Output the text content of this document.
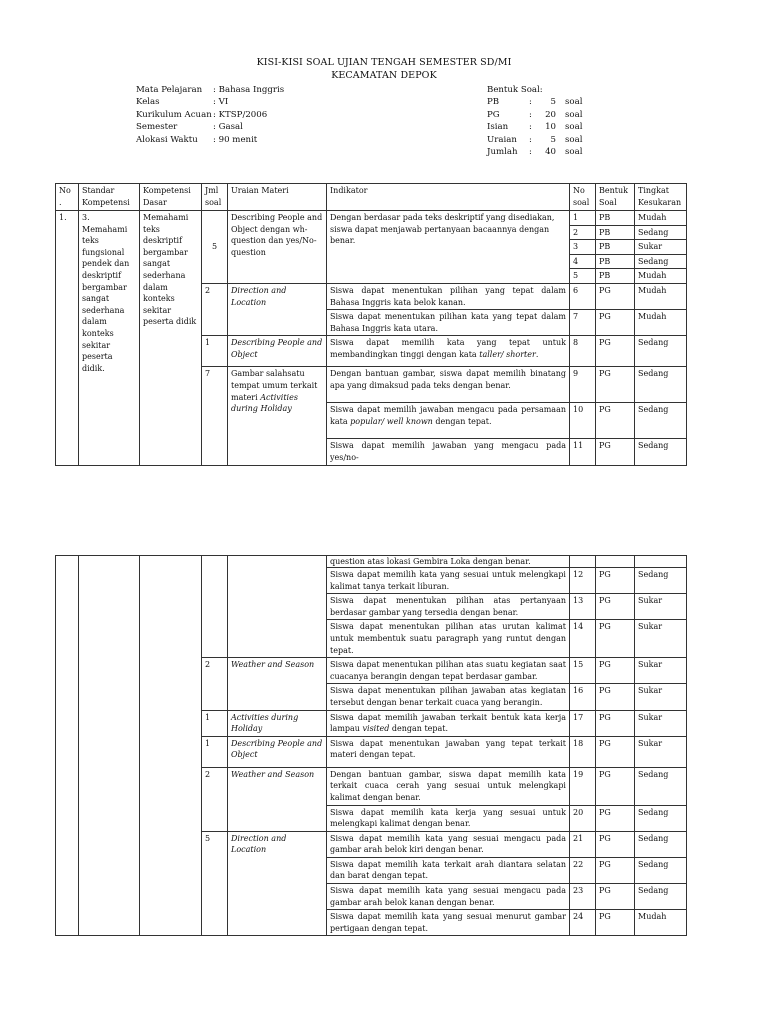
KISI-KISI SOAL UJIAN TENGAH SEMESTER SD/MI
KECAMATAN DEPOK
Mata Pelajaran	: Bahasa Inggris
Kelas	: VI
Kurikulum Acuan : KTSP/2006
Semester	: Gasal
Alokasi Waktu	: 90 menit
Bentuk Soal:
PB	:	5	soal
PG	:	20	soal
Isian	:	10	soal
Uraian	:	5	soal
Jumlah	:	40	soal
No .	Standar Kompetensi	Kompetensi Dasar	Jml soal	Uraian Materi	Indikator	No soal	Bentuk Soal	Tingkat Kesukaran
1.	3. Memahami teks fungsional pendek dan deskriptif bergambar sangat sederhana dalam konteks sekitar peserta didik.	Memahami teks deskriptif bergambar sangat sederhana dalam konteks sekitar peserta didik	5	Describing People and Object dengan wh-question dan yes/No-question	Dengan berdasar pada teks deskriptif yang disediakan, siswa dapat menjawab pertanyaan bacaannya dengan benar.	1	PB	Mudah
						2	PB	Sedang
						3	PB	Sukar
						4	PB	Sedang
						5	PB	Mudah
			2	Direction and Location	Siswa dapat menentukan pilihan yang tepat dalam Bahasa Inggris kata belok kanan.	6	PG	Mudah
					Siswa dapat menentukan pilihan kata yang tepat dalam Bahasa Inggris kata utara.	7	PG	Mudah
			1	Describing People and Object	Siswa dapat memilih kata yang tepat untuk membandingkan tinggi dengan kata taller/ shorter.	8	PG	Sedang
			7	Gambar salahsatu tempat umum terkait materi Activities during Holiday	Dengan bantuan gambar, siswa dapat memilih binatang apa yang dimaksud pada teks dengan benar.	9	PG	Sedang
					Siswa dapat memilih jawaban mengacu pada persamaan kata popular/ well known dengan tepat.	10	PG	Sedang
					Siswa dapat memilih jawaban yang mengacu pada yes/no-	11	PG	Sedang
					question atas lokasi Gembira Loka dengan benar.			
					Siswa dapat memilih kata yang sesuai untuk melengkapi kalimat tanya terkait liburan.	12	PG	Sedang
					Siswa dapat menentukan pilihan atas pertanyaan berdasar gambar yang tersedia dengan benar.	13	PG	Sukar
					Siswa dapat menentukan pilihan atas urutan kalimat untuk membentuk suatu paragraph yang runtut dengan tepat.	14	PG	Sukar
			2	Weather and Season	Siswa dapat menentukan pilihan atas suatu kegiatan saat cuacanya berangin dengan tepat berdasar gambar.	15	PG	Sukar
					Siswa dapat menentukan pilihan jawaban atas kegiatan tersebut dengan benar terkait cuaca yang berangin.	16	PG	Sukar
			1	Activities during Holiday	Siswa dapat memilih jawaban terkait bentuk kata kerja lampau visited dengan tepat.	17	PG	Sukar
			1	Describing People and Object	Siswa dapat menentukan jawaban yang tepat terkait materi dengan tepat.	18	PG	Sukar
			2	Weather and Season	Dengan bantuan gambar, siswa dapat memilih kata terkait cuaca cerah yang sesuai untuk melengkapi kalimat dengan benar.	19	PG	Sedang
					Siswa dapat memilih kata kerja yang sesuai untuk melengkapi kalimat dengan benar.	20	PG	Sedang
			5	Direction and Location	Siswa dapat memilih kata yang sesuai mengacu pada gambar arah belok kiri dengan benar.	21	PG	Sedang
					Siswa dapat memilih kata terkait arah diantara selatan dan barat dengan tepat.	22	PG	Sedang
					Siswa dapat memilih kata yang sesuai mengacu pada gambar arah belok kanan dengan benar.	23	PG	Sedang
					Siswa dapat memilih kata yang sesuai menurut gambar pertigaan dengan tepat.	24	PG	Mudah
